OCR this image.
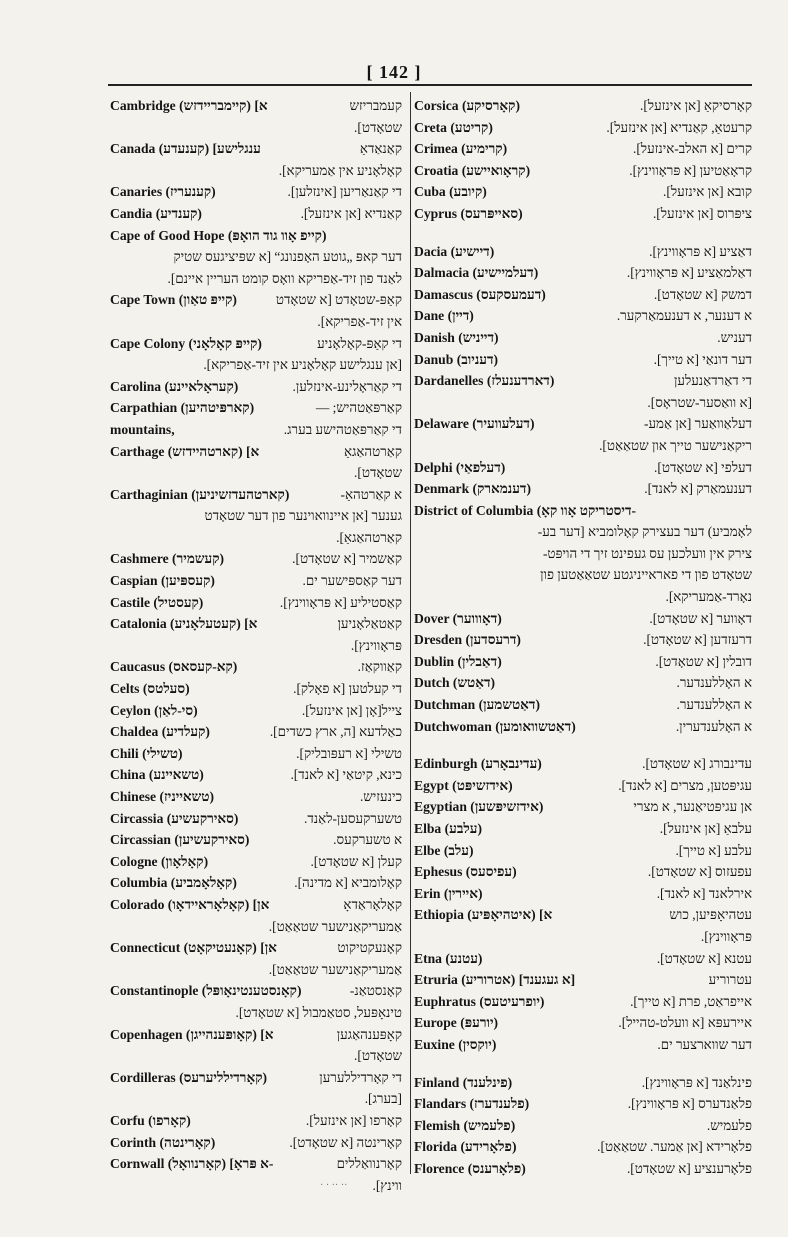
[ 142 ]
Cambridge (קיימבריידזש) [א	קעמבריזש
שטאָדט].
Canada (קענעדע) [ענגלישע	קאַנאַדאַ
קאָלאָניע אין אַמעריקא].
Canaries (קענעריז)	די קאַנאַריען [אינזלען].
Candia (קענדיע)	קאַנדיא [אן אינזעל].
Cape of Good Hope (קייפ אָוו גוד הואָפּ)
דער קאפּ „גוטע האָפנונג“ [א שפּיציגעס שטיק
לאַנד פון זיד-אַפריקא וואָס קומט העריין איינם].
Cape Town (קייפּ טאַון)	קאַפּ-שטאָדט [א שטאָדט
אין זיד-אַפריקא].
Cape Colony (קייפּ קאָלאָני)	די קאַפּ-קאָלאָניע
[אן ענגלישע קאָלאָניע אין זיד-אַפריקא].
Carolina (קעראָלאיינע)	די קאַראָלינע-אינזלען.
Carpathian (קארפּיטהיען)	קאַרפּאַטהיש; —
mountains,	די קאַרפּאַטהישע בערג.
Carthage (קארטהיידזש) [א	קאַרטהאַגאַ
שטאָדט].
Carthaginian (קארטהעדזשיניען)	א קאַרטהאַ-
גענער [אן איינוואוינער פון דער שטאָדט
קאַרטהאַגאַ].
Cashmere (קעשמיר)	קאַשמיר [א שטאָדט].
Caspian (קעספּיען)	דער קאַספּישער ים.
Castile (קעסטיל)	קאַסטיליע [א פּראָווינץ].
Catalonia (קעטעלאָניע) [א	קאַטאַלאָניען
פּראָווינץ].
Caucasus (קא-קעסאס)	קאַווקאַז.
Celts (סעלטס)	די קעלטען [א פאָלק].
Ceylon (סי-לאַן)	צייל[אָן [אן אינזעל].
Chaldea (קעלדיע)	כאַלדעא [ה, ארץ כשדים].
Chili (טשילי)	טשילי [א רעפּובליק].
China (טשאיינע)	כינא, קיטאַי [א לאנד].
Chinese (טשאייניז)	כינעזיש.
Circassia (סאירקעשיע)	טשערקעסען-לאַנד.
Circassian (סאירקעשיען)	א טשערקעס.
Cologne (קאָלאָון)	קעלן [א שטאָדט].
Columbia (קאָלאָמביע)	קאָלומביא [א מדינה].
Colorado (קאָלאָראיידאָו) [אן	קאָלאָראַדאָ
אַמעריקאַנישער שטאַאַט].
Connecticut (קאָנעטיקאָט) [אן	קאָנעקטיקוט
אַמעריקאַנישער שטאַאַט].
Constantinople (קאָנסטענטינאָופּל)	קאָנסטאַנ-
טינאָפּעל, סטאַמבול [א שטאָדט].
Copenhagen (קאָופּענהייגן) [א	קאָפּענהאַגען
שטאָדט].
Cordilleras (קאָרדילליערעס)	די קאָרדיללערען
[בערג].
Corfu (קאָרפו)	קאָרפו [אן אינזעל].
Corinth (קאָרינטה)	קאָרינטה [א שטאָדט].
Cornwall (קאָרנוואָל) [א פּראָ-	קאָרנוואַללים
ווינץ].
Corsica (קאָרסיקע)	קאָרסיקאַ [אן אינזעל].
Creta (קריטע)	קרעטאַ, קאַנדיא [אן אינזעל].
Crimea (קרימיע)	קרים [א האלב-אינזעל].
Croatia (קראָואיישע)	קראָאַטיען [א פּראָווינץ].
Cuba (קיובע)	קובא [אן אינזעל].
Cyprus (סאייפּרעס)	ציפּרוס [אן אינזעל].
Dacia (דיישיע)	דאַציע [א פּראָווינץ].
Dalmacia (דעלמיישיע)	דאַלמאַציע [א פּראָווינץ].
Damascus (דעמעסקעס)	דמשק [א שטאָדט].
Dane (דיין)	א דענער, א דענעמאַרקער.
Danish (דייניש)	דעניש.
Danub (דעניוב)	דער דונאַי [א טייך].
Dardanelles (דארדענעלז)	די דאַרדאַנעלען
[א וואַסער-שטראָס].
Delaware (דעלעוועיר)	דעלאַוואַער [אן אַמע-
ריקאַנישער טייך און שטאַאַט].
Delphi (דעלפאַי)	דעלפי [א שטאָדט].
Denmark (דענמארק)	דענעמאַרק [א לאנד].
District of Columbia (דיסטריקט אָוו קאָ-
לאָמביע) דער בעצירק קאָלומביא [דער בע-
צירק אין וועלכען עס געפינט זיך די הויפּט-
שטאָדט פון די פאראייניגטע שטאַאַטען פון
נאָרד-אַמעריקא].
Dover (דאָוווער)	דאָווער [א שטאָדט].
Dresden (דרעסדען)	דרעזדען [א שטאָדט].
Dublin (דאַבלין)	דובלין [א שטאָדט].
Dutch (דאַטש)	א האָללענדער.
Dutchman (דאַטשמען)	א האָללענדער.
Dutchwoman (דאַטשוואומען)	א האָלענדערין.
Edinburgh (עדינבאָרע)	עדינבורג [א שטאָדט].
Egypt (אידזשיפּט)	עגיפּטען, מצרים [א לאנד].
Egyptian (אידזשיפּשען)	אן עגיפּטיאַנער, א מצרי
Elba (עלבע)	עלבאַ [אן אינזעל].
Elbe (עלב)	עלבע [א טייך].
Ephesus (עפיסעס)	עפעזוס [א שטאָדט].
Erin (איירין)	אירלאנד [א לאנד].
Ethiopia (איטהיאָפּיע) [א	עטהיאָפּיען, כוש
פּראָווינץ].
Etna (עטנע)	עטנא [א שטאָדט].
Etruria (אטרוריע) [א געגענד]	עטרוריע
Euphratus (יופרעיטעס)	אייפראַט, פרת [א טייך].
Europe (יורעפּ)	איירעפּא [א וועלט-טהייל].
Euxine (יוקסין)	דער שווארצער ים.
Finland (פינלענד)	פינלאַנד [א פּראָווינץ].
Flandars (פלענדערז)	פלאַנדערס [א פּראָווינץ].
Flemish (פלעמיש)	פלעמיש.
Florida (פלאָרידע)	פלאָרידא [אן אַמער. שטאַאַט].
Florence (פלאָרענס)	פלאָרענציע [א שטאָדט].
· · ·· ··
